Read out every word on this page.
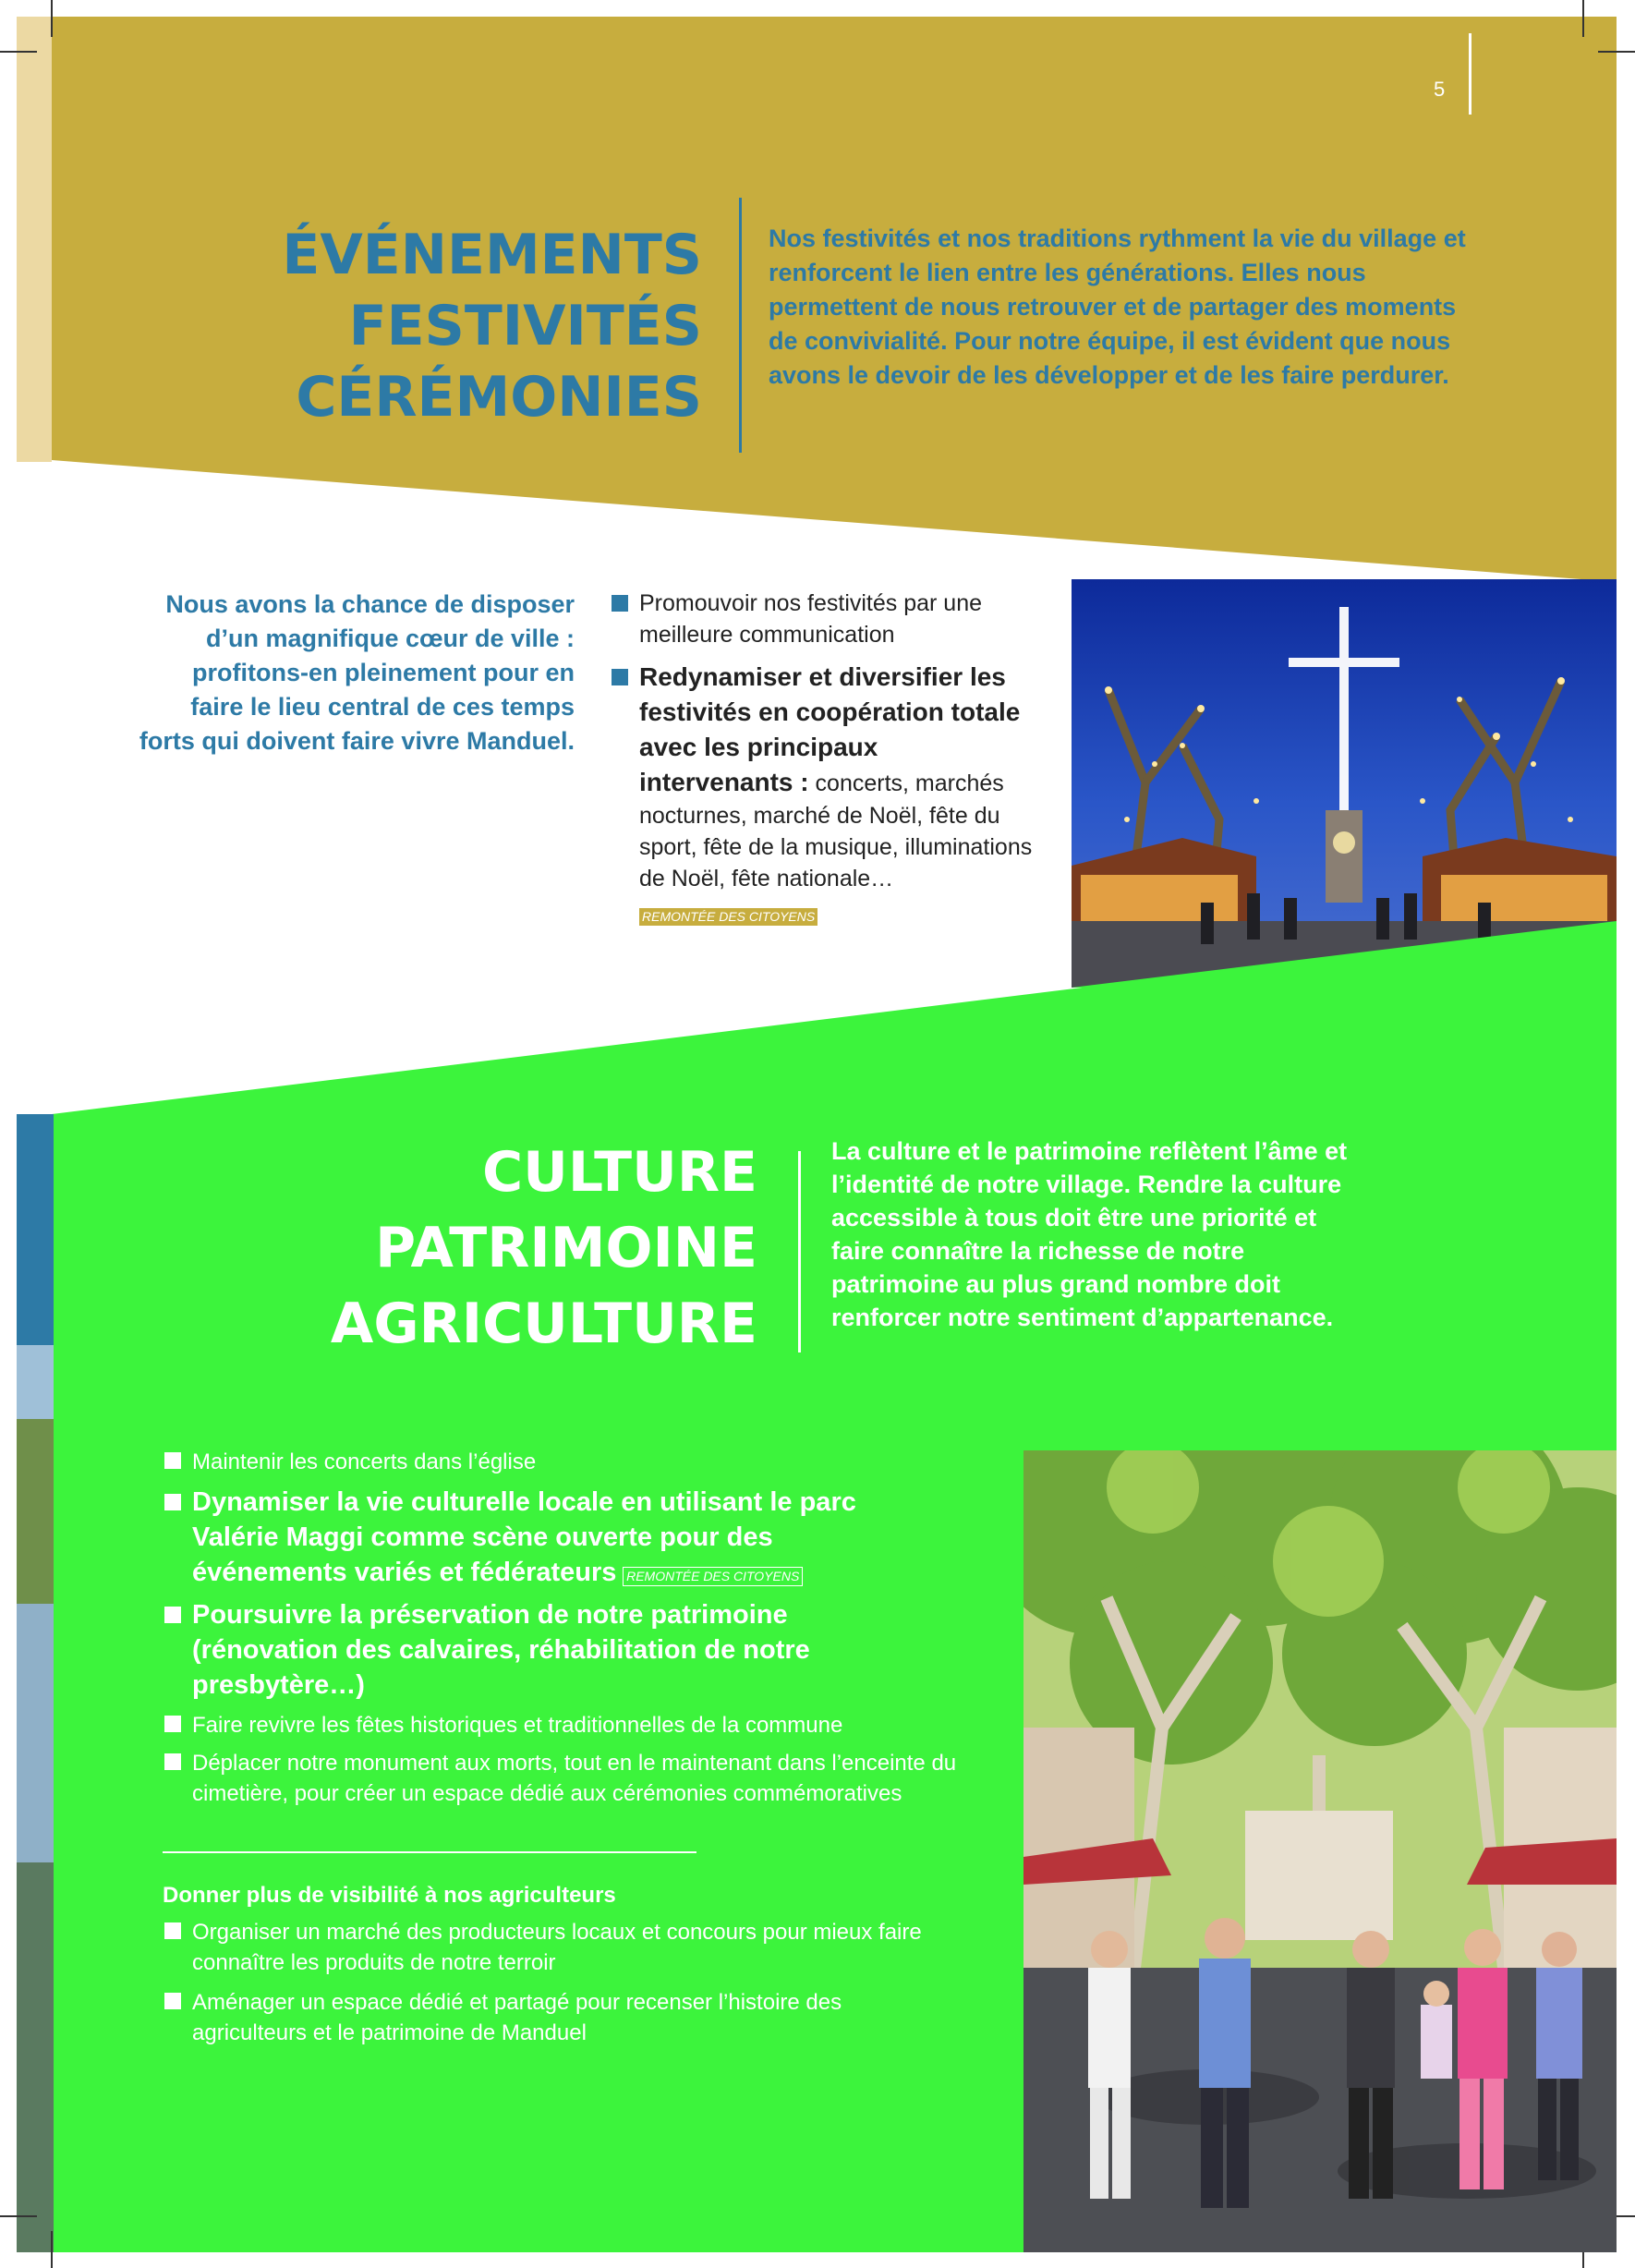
5
ÉVÉNEMENTS
FESTIVITÉS
CÉRÉMONIES
Nos festivités et nos traditions rythment la vie du village et renforcent le lien entre les générations. Elles nous permettent de nous retrouver et de partager des moments de convivialité. Pour notre équipe, il est évident que nous avons le devoir de les développer et de les faire perdurer.
Nous avons la chance de disposer d’un magnifique cœur de ville : profitons-en pleinement pour en faire le lieu central de ces temps forts qui doivent faire vivre Manduel.
Promouvoir nos festivités par une meilleure communication
Redynamiser et diversifier les festivités en coopération totale avec les principaux intervenants : concerts, marchés nocturnes, marché de Noël, fête du sport, fête de la musique, illuminations de Noël, fête nationale…
REMONTÉE DES CITOYENS
CULTURE
PATRIMOINE
AGRICULTURE
La culture et le patrimoine reflètent l’âme et l’identité de notre village. Rendre la culture accessible à tous doit être une priorité et faire connaître la richesse de notre patrimoine au plus grand nombre doit renforcer notre sentiment d’appartenance.
Maintenir les concerts dans l’église
Dynamiser la vie culturelle locale en utilisant le parc Valérie Maggi comme scène ouverte pour des événements variés et fédérateurs REMONTÉE DES CITOYENS
Poursuivre la préservation de notre patrimoine (rénovation des calvaires, réhabilitation de notre presbytère…)
Faire revivre les fêtes historiques et traditionnelles de la commune
Déplacer notre monument aux morts, tout en le maintenant dans l’enceinte du cimetière, pour créer un espace dédié aux cérémonies commémoratives
Donner plus de visibilité à nos agriculteurs
Organiser un marché des producteurs locaux et concours pour mieux faire connaître les produits de notre terroir
Aménager un espace dédié et partagé pour recenser l’histoire des agriculteurs et le patrimoine de Manduel
